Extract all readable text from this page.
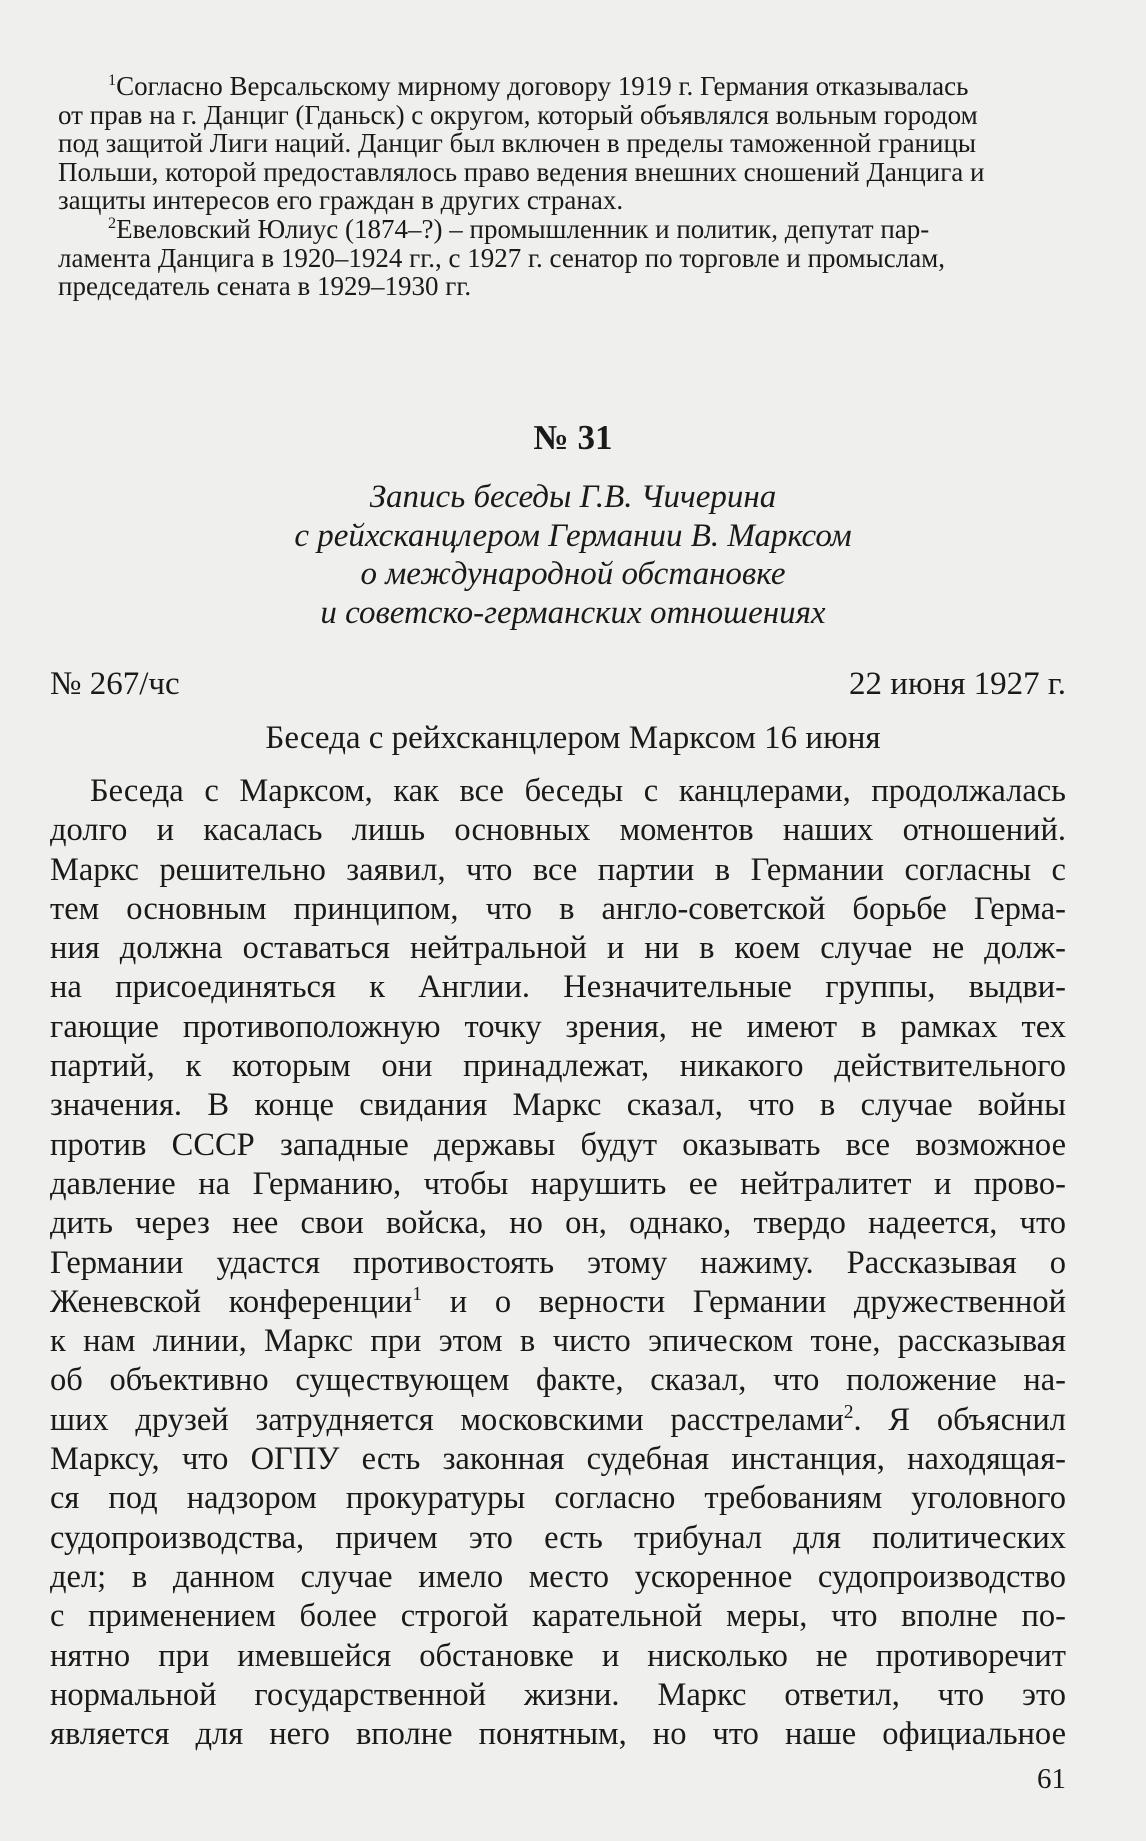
$^1$Согласно Версальскому мирному договору 1919 г. Германия отказывалась

от прав на г. Данциг (Гданьск) с округом, который объявлялся вольным городом

под защитой Лиги наций. Данциг был включен в пределы таможенной границы

Польши, которой предоставлялось право ведения внешних сношений Данцига и

защиты интересов его граждан в других странах.

$^2$Евеловский Юлиус (1874–?) – промышленник и политик, депутат пар-

ламента Данцига в 1920–1924 гг., с 1927 г. сенатор по торговле и промыслам,

председатель сената в 1929–1930 гг.

№ 31
Запись беседы Г.В. Чичерина
с рейхсканцлером Германии В. Марксом
о международной обстановке
и советско-германских отношениях
№ 267/чс	22 июня 1927 г.
Беседа с рейхсканцлером Марксом 16 июня
Беседа с Марксом, как все беседы с канцлерами, продолжалась
долго и касалась лишь основных моментов наших отношений.
Маркс решительно заявил, что все партии в Германии согласны с
тем основным принципом, что в англо-советской борьбе Герма-
ния должна оставаться нейтральной и ни в коем случае не долж-
на присоединяться к Англии. Незначительные группы, выдви-
гающие противоположную точку зрения, не имеют в рамках тех
партий, к которым они принадлежат, никакого действительного
значения. В конце свидания Маркс сказал, что в случае войны
против СССР западные державы будут оказывать все возможное
давление на Германию, чтобы нарушить ее нейтралитет и прово-
дить через нее свои войска, но он, однако, твердо надеется, что
Германии удастся противостоять этому нажиму. Рассказывая о
Женевской конференции$^1$ и о верности Германии дружественной
к нам линии, Маркс при этом в чисто эпическом тоне, рассказывая
об объективно существующем факте, сказал, что положение на-
ших друзей затрудняется московскими расстрелами$^2$. Я объяснил
Марксу, что ОГПУ есть законная судебная инстанция, находящая-
ся под надзором прокуратуры согласно требованиям уголовного
судопроизводства, причем это есть трибунал для политических
дел; в данном случае имело место ускоренное судопроизводство
с применением более строгой карательной меры, что вполне по-
нятно при имевшейся обстановке и нисколько не противоречит
нормальной государственной жизни. Маркс ответил, что это
является для него вполне понятным, но что наше официальное
61
